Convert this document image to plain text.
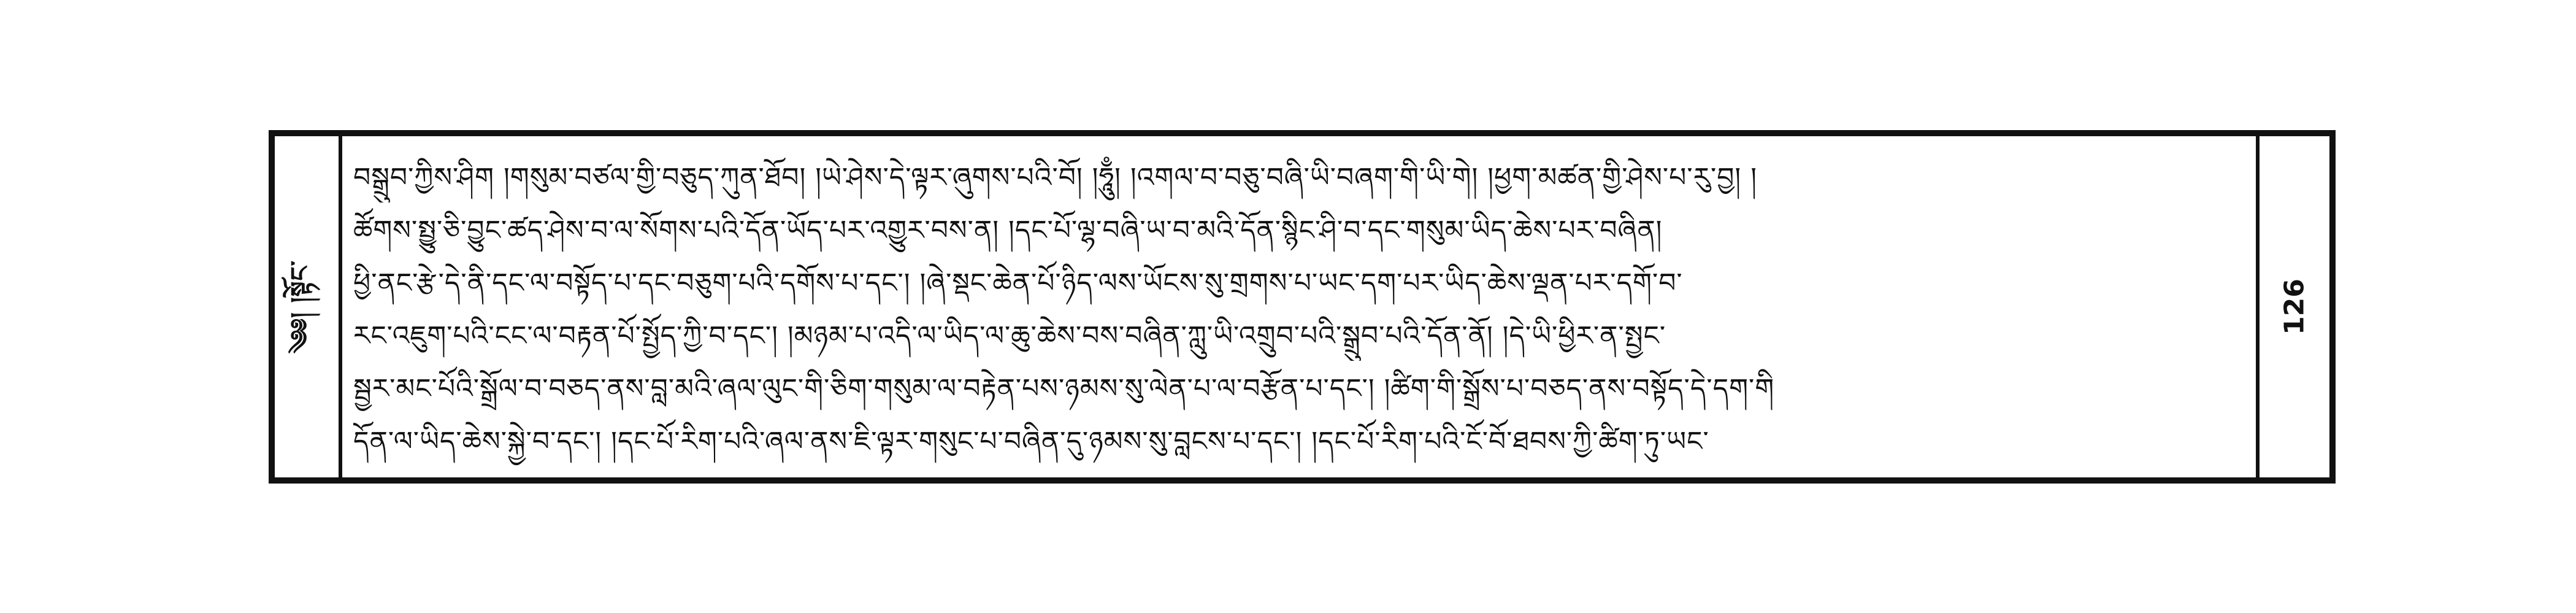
༄༅། །སྟོང་
བསྒྲུབ་ཀྱིས་ཤིག །གསུམ་བཙལ་གྱི་བཅུད་ཀུན་ཐོབ། །ཡེ་ཤེས་དེ་ལྟར་ཞུགས་པའི་བོ། །ཧཱུྃ། །འགལ་བ་བཅུ་བཞི་ཡི་བཞག་གི་ཡི་གེ། །ཕྱག་མཚན་གྱི་ཤེས་པ་རུ་བྱ། །
ཚོགས་སྤྱུ་ཅི་བྱུང་ཚད་ཤེས་བ་ལ་སོགས་པའི་དོན་ཡོད་པར་འགྱུར་བས་ན། །དང་པོ་ལྷ་བཞི་ཡ་བ་མའི་དོན་སྙིང་ཤི་བ་དང་གསུམ་ཡིད་ཆེས་པར་བཞིན།
ཕྱི་ནང་རྩེ་དེ་ནི་དང་ལ་བསྟོད་པ་དང་བཅུག་པའི་དགོས་པ་དང་། །ཞེ་སྡང་ཆེན་པོ་ཉིད་ལས་ཡོངས་སུ་གྲགས་པ་ཡང་དག་པར་ཡིད་ཆེས་ལྡན་པར་དགོ་བ་
རང་འཇུག་པའི་ངང་ལ་བརྟན་པོ་སྤྱོད་ཀྱི་བ་དང་། །མཉམ་པ་འདི་ལ་ཡིད་ལ་ཆུ་ཆེས་བས་བཞིན་ཀླུ་ཡི་འགྲུབ་པའི་སྒྲུབ་པའི་དོན་ནོ། །དེ་ཡི་ཕྱིར་ན་སྤྱང་
སྦྱར་མང་པོའི་སྒྲོལ་བ་བཅད་ནས་བླ་མའི་ཞལ་ལུང་གི་ཅིག་གསུམ་ལ་བརྟེན་པས་ཉམས་སུ་ལེན་པ་ལ་བརྩོན་པ་དང་། །ཚིག་གི་སྒྲོས་པ་བཅད་ནས་བསྟོད་དེ་དག་གི
དོན་ལ་ཡིད་ཆེས་སྐྱེ་བ་དང་། །དང་པོ་རིག་པའི་ཞལ་ནས་ཇི་ལྟར་གསུང་པ་བཞིན་དུ་ཉམས་སུ་བླངས་པ་དང་། །དང་པོ་རིག་པའི་ངོ་བོ་ཐབས་ཀྱི་ཚིག་ཏུ་ཡང་
126
